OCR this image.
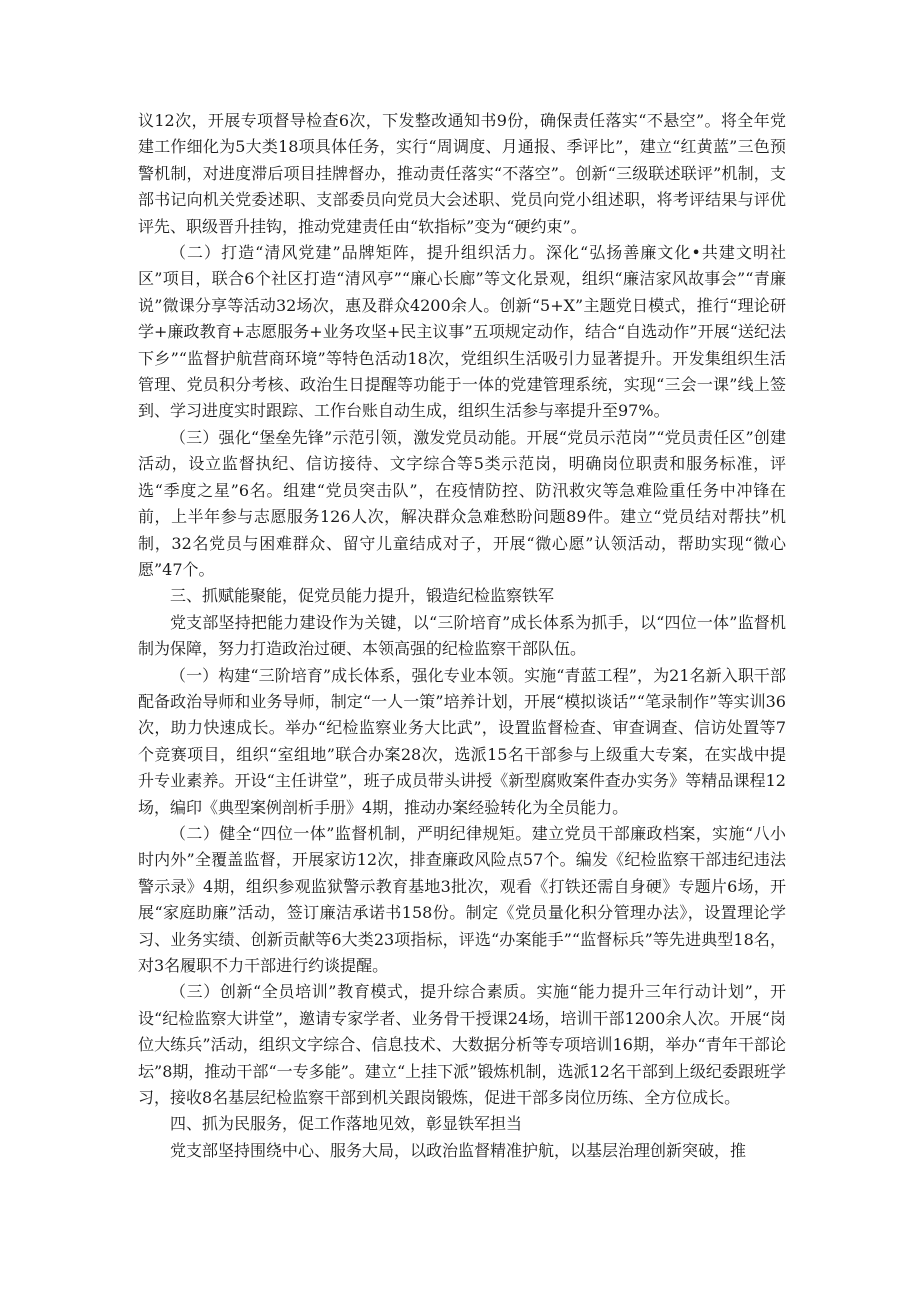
议12次，开展专项督导检查6次，下发整改通知书9份，确保责任落实“不悬空”。将全年党建工作细化为5大类18项具体任务，实行“周调度、月通报、季评比”，建立“红黄蓝”三色预警机制，对进度滞后项目挂牌督办，推动责任落实“不落空”。创新“三级联述联评”机制，支部书记向机关党委述职、支部委员向党员大会述职、党员向党小组述职，将考评结果与评优评先、职级晋升挂钩，推动党建责任由“软指标”变为“硬约束”。

（二）打造“清风党建”品牌矩阵，提升组织活力。深化“弘扬善廉文化•共建文明社区”项目，联合6个社区打造“清风亭”“廉心长廊”等文化景观，组织“廉洁家风故事会”“青廉说”微课分享等活动32场次，惠及群众4200余人。创新“5+X”主题党日模式，推行“理论研学+廉政教育+志愿服务+业务攻坚+民主议事”五项规定动作，结合“自选动作”开展“送纪法下乡”“监督护航营商环境”等特色活动18次，党组织生活吸引力显著提升。开发集组织生活管理、党员积分考核、政治生日提醒等功能于一体的党建管理系统，实现“三会一课”线上签到、学习进度实时跟踪、工作台账自动生成，组织生活参与率提升至97%。

（三）强化“堡垒先锋”示范引领，激发党员动能。开展“党员示范岗”“党员责任区”创建活动，设立监督执纪、信访接待、文字综合等5类示范岗，明确岗位职责和服务标准，评选“季度之星”6名。组建“党员突击队”，在疫情防控、防汛救灾等急难险重任务中冲锋在前，上半年参与志愿服务126人次，解决群众急难愁盼问题89件。建立“党员结对帮扶”机制，32名党员与困难群众、留守儿童结成对子，开展“微心愿”认领活动，帮助实现“微心愿”47个。

三、抓赋能聚能，促党员能力提升，锻造纪检监察铁军

党支部坚持把能力建设作为关键，以“三阶培育”成长体系为抓手，以“四位一体”监督机制为保障，努力打造政治过硬、本领高强的纪检监察干部队伍。

（一）构建“三阶培育”成长体系，强化专业本领。实施“青蓝工程”，为21名新入职干部配备政治导师和业务导师，制定“一人一策”培养计划，开展“模拟谈话”“笔录制作”等实训36次，助力快速成长。举办“纪检监察业务大比武”，设置监督检查、审查调查、信访处置等7个竞赛项目，组织“室组地”联合办案28次，选派15名干部参与上级重大专案，在实战中提升专业素养。开设“主任讲堂”，班子成员带头讲授《新型腐败案件查办实务》等精品课程12场，编印《典型案例剖析手册》4期，推动办案经验转化为全员能力。

（二）健全“四位一体”监督机制，严明纪律规矩。建立党员干部廉政档案，实施“八小时内外”全覆盖监督，开展家访12次，排查廉政风险点57个。编发《纪检监察干部违纪违法警示录》4期，组织参观监狱警示教育基地3批次，观看《打铁还需自身硬》专题片6场，开展“家庭助廉”活动，签订廉洁承诺书158份。制定《党员量化积分管理办法》，设置理论学习、业务实绩、创新贡献等6大类23项指标，评选“办案能手”“监督标兵”等先进典型18名，对3名履职不力干部进行约谈提醒。

（三）创新“全员培训”教育模式，提升综合素质。实施“能力提升三年行动计划”，开设“纪检监察大讲堂”，邀请专家学者、业务骨干授课24场，培训干部1200余人次。开展“岗位大练兵”活动，组织文字综合、信息技术、大数据分析等专项培训16期，举办“青年干部论坛”8期，推动干部“一专多能”。建立“上挂下派”锻炼机制，选派12名干部到上级纪委跟班学习，接收8名基层纪检监察干部到机关跟岗锻炼，促进干部多岗位历练、全方位成长。

四、抓为民服务，促工作落地见效，彰显铁军担当

党支部坚持围绕中心、服务大局，以政治监督精准护航，以基层治理创新突破，推
